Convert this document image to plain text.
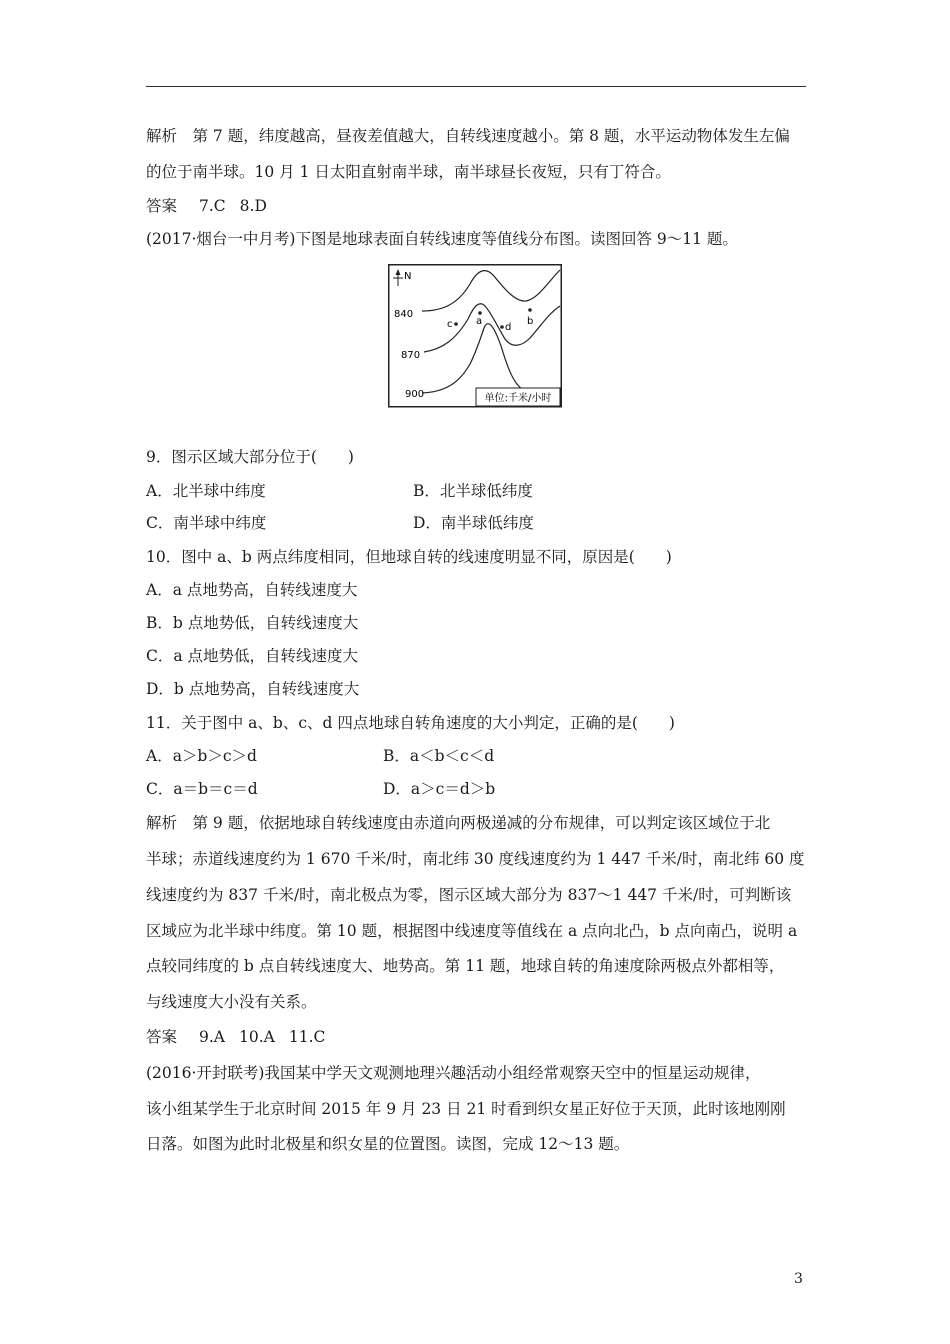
解析　第 7 题，纬度越高，昼夜差值越大，自转线速度越小。第 8 题，水平运动物体发生左偏
的位于南半球。10 月 1 日太阳直射南半球，南半球昼长夜短，只有丁符合。
答案 7.C 8.D
(2017·烟台一中月考)下图是地球表面自转线速度等值线分布图。读图回答 9～11 题。
N
840
870
900
c a
d
b
单位:千米/小时
9．图示区域大部分位于(　　)
A．北半球中纬度	B．北半球低纬度
C．南半球中纬度	D．南半球低纬度
10．图中 a、b 两点纬度相同，但地球自转的线速度明显不同，原因是(　　)
A．a 点地势高，自转线速度大
B．b 点地势低，自转线速度大
C．a 点地势低，自转线速度大
D．b 点地势高，自转线速度大
11．关于图中 a、b、c、d 四点地球自转角速度的大小判定，正确的是(　　)
A．a＞b＞c＞d	B．a＜b＜c＜d
C．a＝b＝c＝d	D．a＞c＝d＞b
解析　第 9 题，依据地球自转线速度由赤道向两极递减的分布规律，可以判定该区域位于北
半球；赤道线速度约为 1 670 千米/时，南北纬 30 度线速度约为 1 447 千米/时，南北纬 60 度
线速度约为 837 千米/时，南北极点为零，图示区域大部分为 837～1 447 千米/时，可判断该
区域应为北半球中纬度。第 10 题，根据图中线速度等值线在 a 点向北凸，b 点向南凸，说明 a
点较同纬度的 b 点自转线速度大、地势高。第 11 题，地球自转的角速度除两极点外都相等，
与线速度大小没有关系。
答案 9.A 10.A 11.C
(2016·开封联考)我国某中学天文观测地理兴趣活动小组经常观察天空中的恒星运动规律，
该小组某学生于北京时间 2015 年 9 月 23 日 21 时看到织女星正好位于天顶，此时该地刚刚
日落。如图为此时北极星和织女星的位置图。读图，完成 12～13 题。
3
